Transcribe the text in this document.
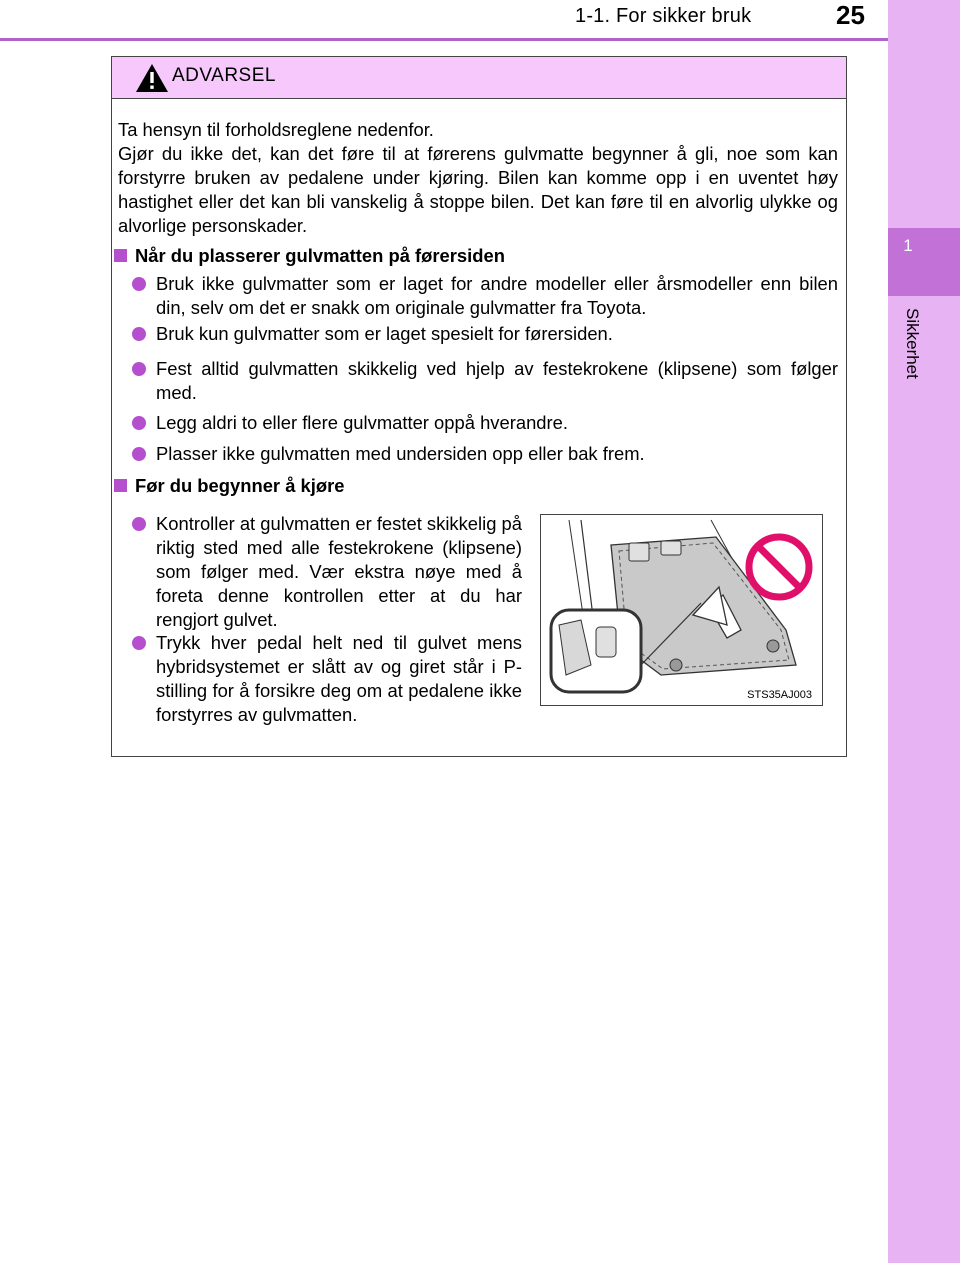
1-1. For sikker bruk	25
1
Sikkerhet
ADVARSEL
Ta hensyn til forholdsreglene nedenfor.
Gjør du ikke det, kan det føre til at førerens gulvmatte begynner å gli, noe som kan forstyrre bruken av pedalene under kjøring. Bilen kan komme opp i en uventet høy hastighet eller det kan bli vanskelig å stoppe bilen. Det kan føre til en alvorlig ulykke og alvorlige personskader.
Når du plasserer gulvmatten på førersiden
Bruk ikke gulvmatter som er laget for andre modeller eller årsmodeller enn bilen din, selv om det er snakk om originale gulvmatter fra Toyota.
Bruk kun gulvmatter som er laget spesielt for førersiden.
Fest alltid gulvmatten skikkelig ved hjelp av festekrokene (klipsene) som følger med.
Legg aldri to eller flere gulvmatter oppå hverandre.
Plasser ikke gulvmatten med undersiden opp eller bak frem.
Før du begynner å kjøre
Kontroller at gulvmatten er festet skikkelig på riktig sted med alle festekrokene (klipsene) som følger med. Vær ekstra nøye med å foreta denne kontrollen etter at du har rengjort gulvet.
Trykk hver pedal helt ned til gulvet mens hybridsystemet er slått av og giret står i P-stilling for å forsikre deg om at pedalene ikke forstyrres av gulvmatten.
STS35AJ003
